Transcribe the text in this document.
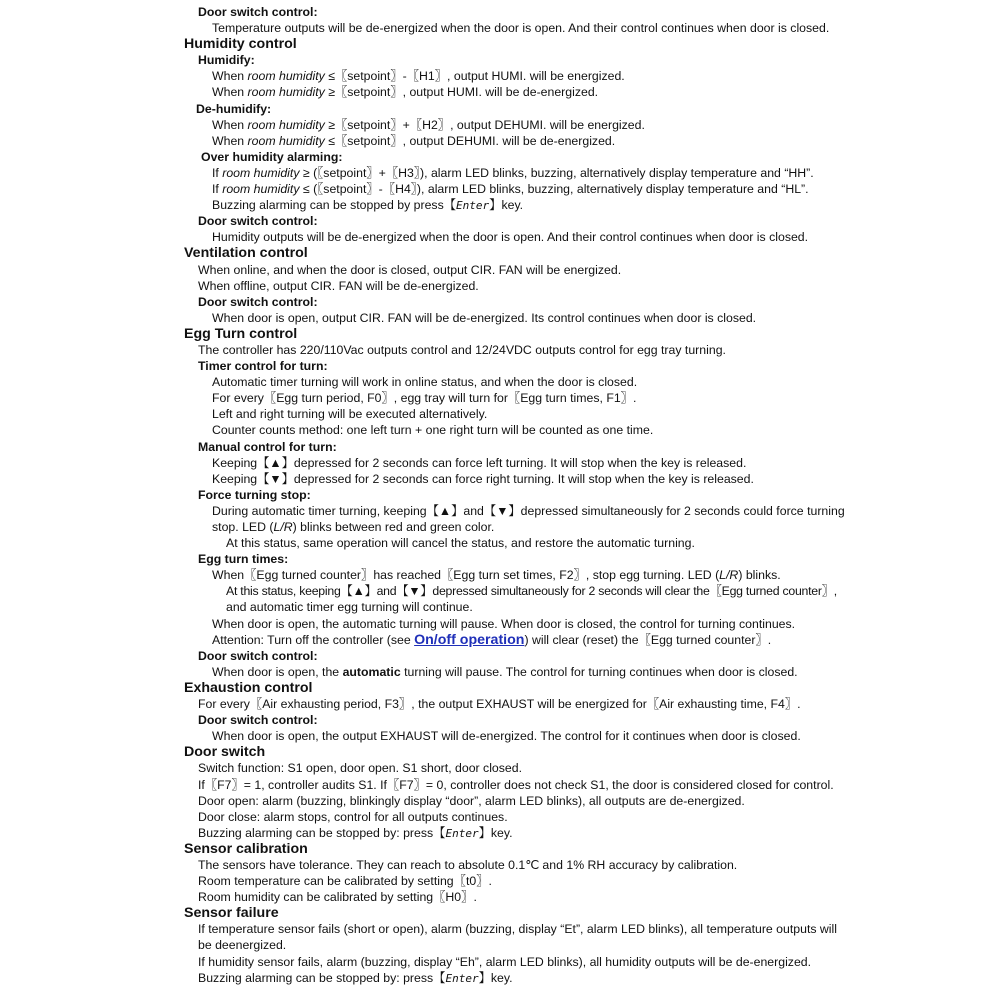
Door switch control:
Temperature outputs will be de-energized when the door is open. And their control continues when door is closed.
Humidity control
Humidify:
When room humidity ≤〖setpoint〗-〖H1〗, output HUMI. will be energized.
When room humidity ≥〖setpoint〗, output HUMI. will be de-energized.
De-humidify:
When room humidity ≥〖setpoint〗+〖H2〗, output DEHUMI. will be energized.
When room humidity ≤〖setpoint〗, output DEHUMI. will be de-energized.
Over humidity alarming:
If room humidity ≥ (〖setpoint〗+〖H3〗), alarm LED blinks, buzzing, alternatively display temperature and “HH”.
If room humidity ≤ (〖setpoint〗-〖H4〗), alarm LED blinks, buzzing, alternatively display temperature and “HL”.
Buzzing alarming can be stopped by press【Enter】key.
Door switch control:
Humidity outputs will be de-energized when the door is open. And their control continues when door is closed.
Ventilation control
When online, and when the door is closed, output CIR. FAN will be energized.
When offline, output CIR. FAN will be de-energized.
Door switch control:
When door is open, output CIR. FAN will be de-energized. Its control continues when door is closed.
Egg Turn control
The controller has 220/110Vac outputs control and 12/24VDC outputs control for egg tray turning.
Timer control for turn:
Automatic timer turning will work in online status, and when the door is closed.
For every〖Egg turn period, F0〗, egg tray will turn for〖Egg turn times, F1〗.
Left and right turning will be executed alternatively.
Counter counts method: one left turn + one right turn will be counted as one time.
Manual control for turn:
Keeping【▲】depressed for 2 seconds can force left turning. It will stop when the key is released.
Keeping【▼】depressed for 2 seconds can force right turning. It will stop when the key is released.
Force turning stop:
During automatic timer turning, keeping【▲】and【▼】depressed simultaneously for 2 seconds could force turning
stop. LED (L/R) blinks between red and green color.
At this status, same operation will cancel the status, and restore the automatic turning.
Egg turn times:
When〖Egg turned counter〗has reached〖Egg turn set times, F2〗, stop egg turning. LED (L/R) blinks.
At this status, keeping【▲】and【▼】depressed simultaneously for 2 seconds will clear the〖Egg turned counter〗,
and automatic timer egg turning will continue.
When door is open, the automatic turning will pause. When door is closed, the control for turning continues.
Attention: Turn off the controller (see On/off operation) will clear (reset) the〖Egg turned counter〗.
Door switch control:
When door is open, the automatic turning will pause. The control for turning continues when door is closed.
Exhaustion control
For every〖Air exhausting period, F3〗, the output EXHAUST will be energized for〖Air exhausting time, F4〗.
Door switch control:
When door is open, the output EXHAUST will de-energized. The control for it continues when door is closed.
Door switch
Switch function: S1 open, door open. S1 short, door closed.
If〖F7〗= 1, controller audits S1. If〖F7〗= 0, controller does not check S1, the door is considered closed for control.
Door open: alarm (buzzing, blinkingly display “door”, alarm LED blinks), all outputs are de-energized.
Door close: alarm stops, control for all outputs continues.
Buzzing alarming can be stopped by: press【Enter】key.
Sensor calibration
The sensors have tolerance. They can reach to absolute 0.1℃ and 1% RH accuracy by calibration.
Room temperature can be calibrated by setting〖t0〗.
Room humidity can be calibrated by setting〖H0〗.
Sensor failure
If temperature sensor fails (short or open), alarm (buzzing, display “Et”, alarm LED blinks), all temperature outputs will
be deenergized.
If humidity sensor fails, alarm (buzzing, display “Eh”, alarm LED blinks), all humidity outputs will be de-energized.
Buzzing alarming can be stopped by: press【Enter】key.
